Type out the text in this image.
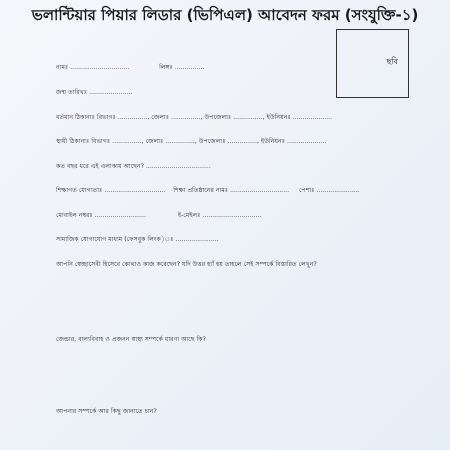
ভলান্টিয়ার পিয়ার লিডার (ভিপিএল) আবেদন ফরম (সংযুক্তি-১)
ছবি
নামঃ ..............................	লিঙ্গঃ ...............
জন্ম তারিখঃ ......................
বর্তমান ঠিকানাঃ বিভাগঃ ..............., জেলাঃ ..............., উপজেলাঃ ..............., ইউনিয়নঃ ....................
স্থায়ী ঠিকানাঃ বিভাগঃ ..............., জেলাঃ ..............., উপজেলাঃ ..............., ইউনিয়নঃ ....................
কত বছর ধরে এই এলাকায় আছেন? .................................
শিক্ষাগত যোগ্যতাঃ ............................... শিক্ষা প্রতিষ্ঠানের নামঃ .............................. পেশাঃ ......................
মোবাইল নম্বরঃ ..........................	ই-মেইলঃ ..............................
সামাজিক যোগাযোগ মাধ্যম (ফেসবুক লিংক)ঃ ......................
আপনি স্বেচ্ছাসেবী হিসেবে কোথাও কাজ করেছেন? যদি উত্তর হ্যাঁ হয় তাহলে সেই সম্পর্কে বিস্তারিত লেখুন?
জেন্ডার, বাল্যবিবাহ ও প্রজনন স্বাস্থ্য সম্পর্কে ধারণা আছে কি?
আপনার সম্পর্কে আর কিছু জানাতে চান?
